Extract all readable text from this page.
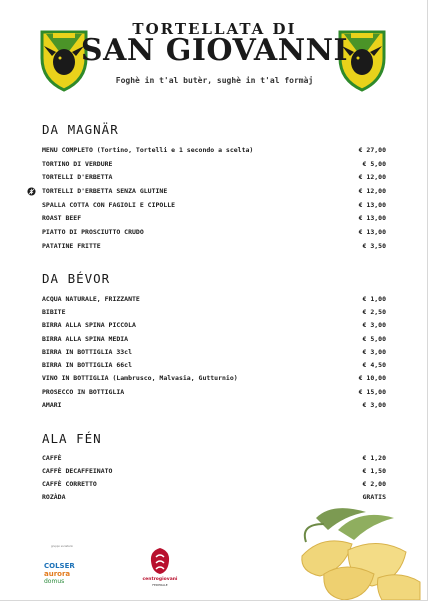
TORTELLATA DI
SAN GIOVANNI
Foghè in t'al butèr, sughè in t'al formàj
DA MAGNÄR
MENU COMPLETO (Tortino, Tortelli e 1 secondo a scelta)	€ 27,00
TORTINO DI VERDURE	€ 5,00
TORTELLI D'ERBETTA	€ 12,00
TORTELLI D'ERBETTA SENZA GLUTINE	€ 12,00
SPALLA COTTA CON FAGIOLI E CIPOLLE	€ 13,00
ROAST BEEF	€ 13,00
PIATTO DI PROSCIUTTO CRUDO	€ 13,00
PATATINE FRITTE	€ 3,50
DA BÉVOR
ACQUA NATURALE, FRIZZANTE	€ 1,00
BIBITE	€ 2,50
BIRRA ALLA SPINA PICCOLA	€ 3,00
BIRRA ALLA SPINA MEDIA	€ 5,00
BIRRA IN BOTTIGLIA 33cl	€ 3,00
BIRRA IN BOTTIGLIA 66cl	€ 4,50
VINO IN BOTTIGLIA (Lambrusco, Malvasia, Gutturnio)	€ 10,00
PROSECCO IN BOTTIGLIA	€ 15,00
AMARI	€ 3,00
ALA FÉN
CAFFÈ	€ 1,20
CAFFÈ DECAFFEINATO	€ 1,50
CAFFÈ CORRETTO	€ 2,00
ROZÀDA	GRATIS
gruppo societario
COLSER
aurora
domus	centrogiovani
FEDERALE
